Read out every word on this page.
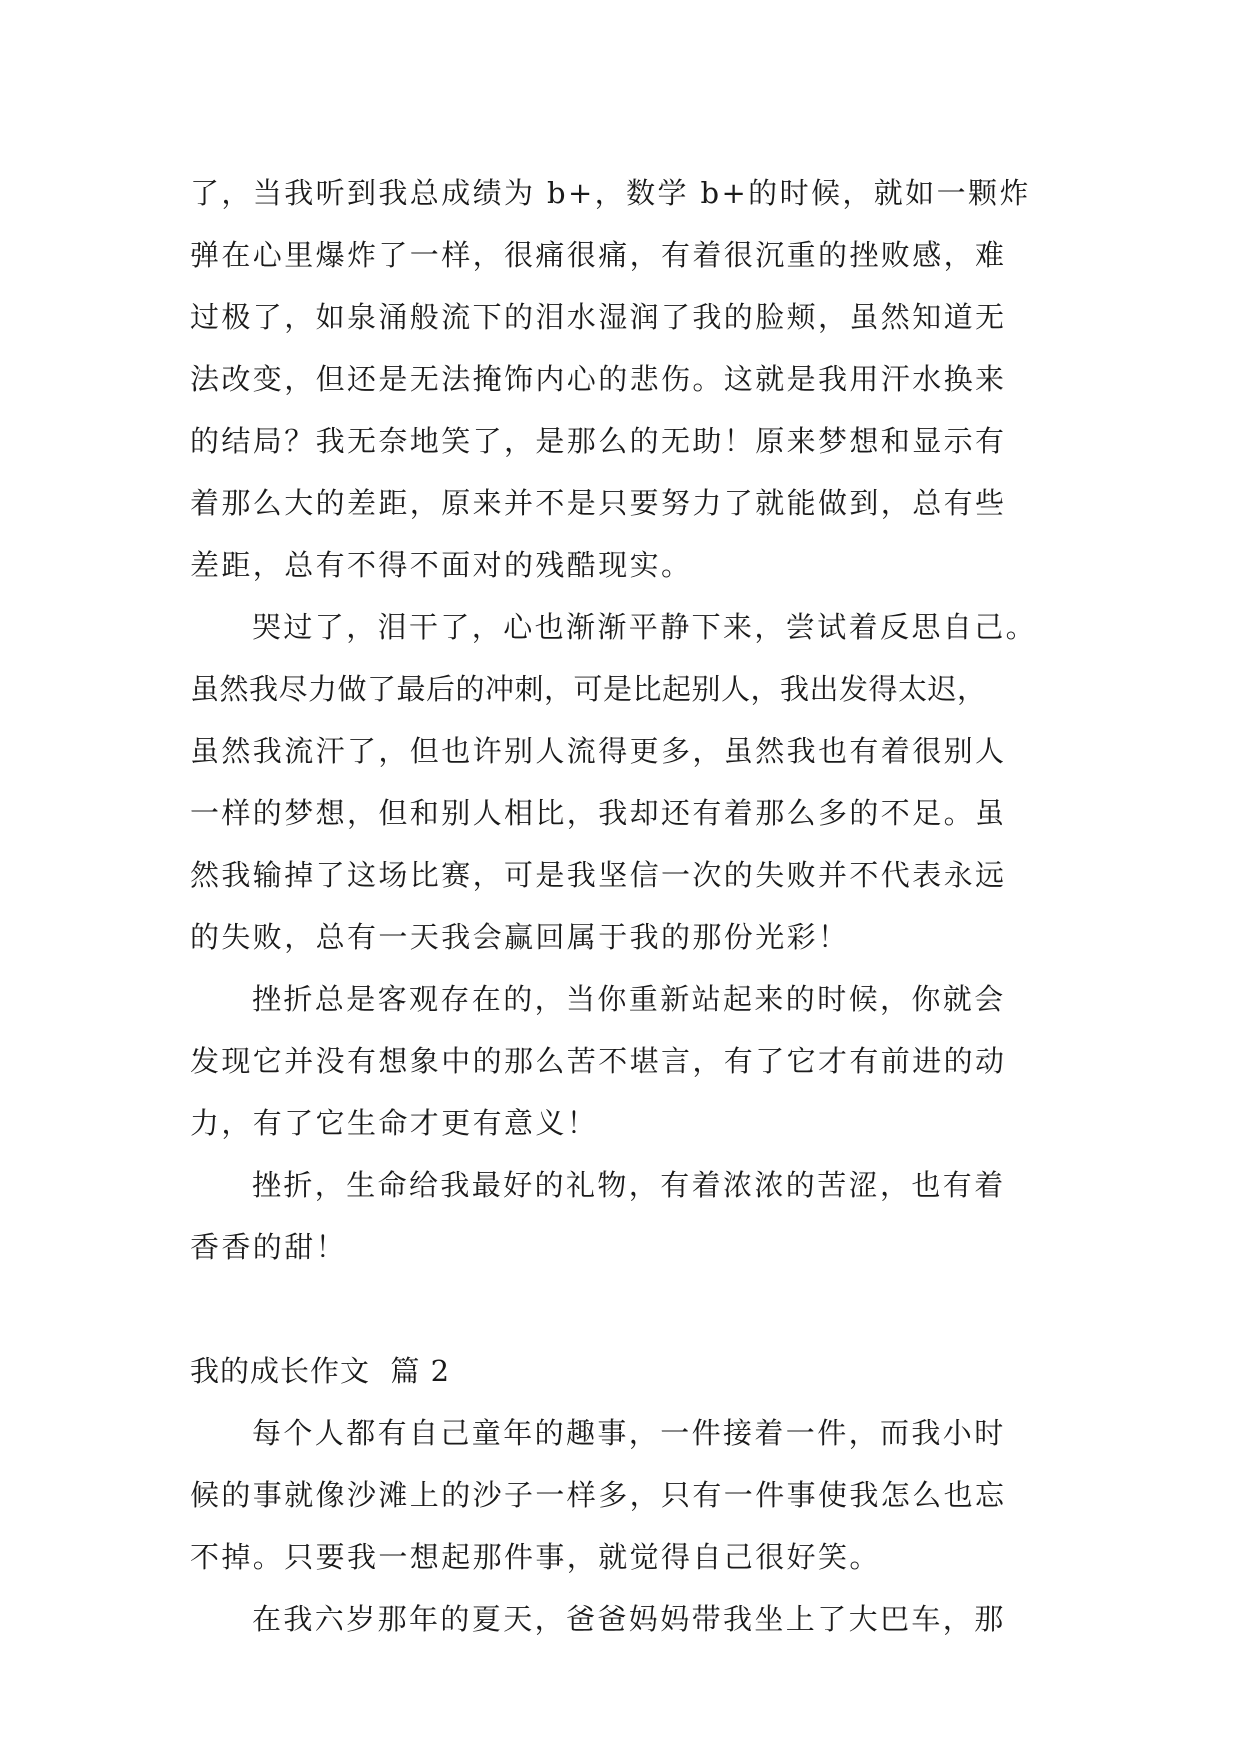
了，当我听到我总成绩为 b+，数学 b+的时候，就如一颗炸
弹在心里爆炸了一样，很痛很痛，有着很沉重的挫败感，难
过极了，如泉涌般流下的泪水湿润了我的脸颊，虽然知道无
法改变，但还是无法掩饰内心的悲伤。这就是我用汗水换来
的结局？我无奈地笑了，是那么的无助！原来梦想和显示有
着那么大的差距，原来并不是只要努力了就能做到，总有些
差距，总有不得不面对的残酷现实。
哭过了，泪干了，心也渐渐平静下来，尝试着反思自己。
虽然我尽力做了最后的冲刺，可是比起别人，我出发得太迟，
虽然我流汗了，但也许别人流得更多，虽然我也有着很别人
一样的梦想，但和别人相比，我却还有着那么多的不足。虽
然我输掉了这场比赛，可是我坚信一次的失败并不代表永远
的失败，总有一天我会赢回属于我的那份光彩！
挫折总是客观存在的，当你重新站起来的时候，你就会
发现它并没有想象中的那么苦不堪言，有了它才有前进的动
力，有了它生命才更有意义！
挫折，生命给我最好的礼物，有着浓浓的苦涩，也有着
香香的甜！
我的成长作文  篇 2
每个人都有自己童年的趣事，一件接着一件，而我小时
候的事就像沙滩上的沙子一样多，只有一件事使我怎么也忘
不掉。只要我一想起那件事，就觉得自己很好笑。
在我六岁那年的夏天，爸爸妈妈带我坐上了大巴车，那
